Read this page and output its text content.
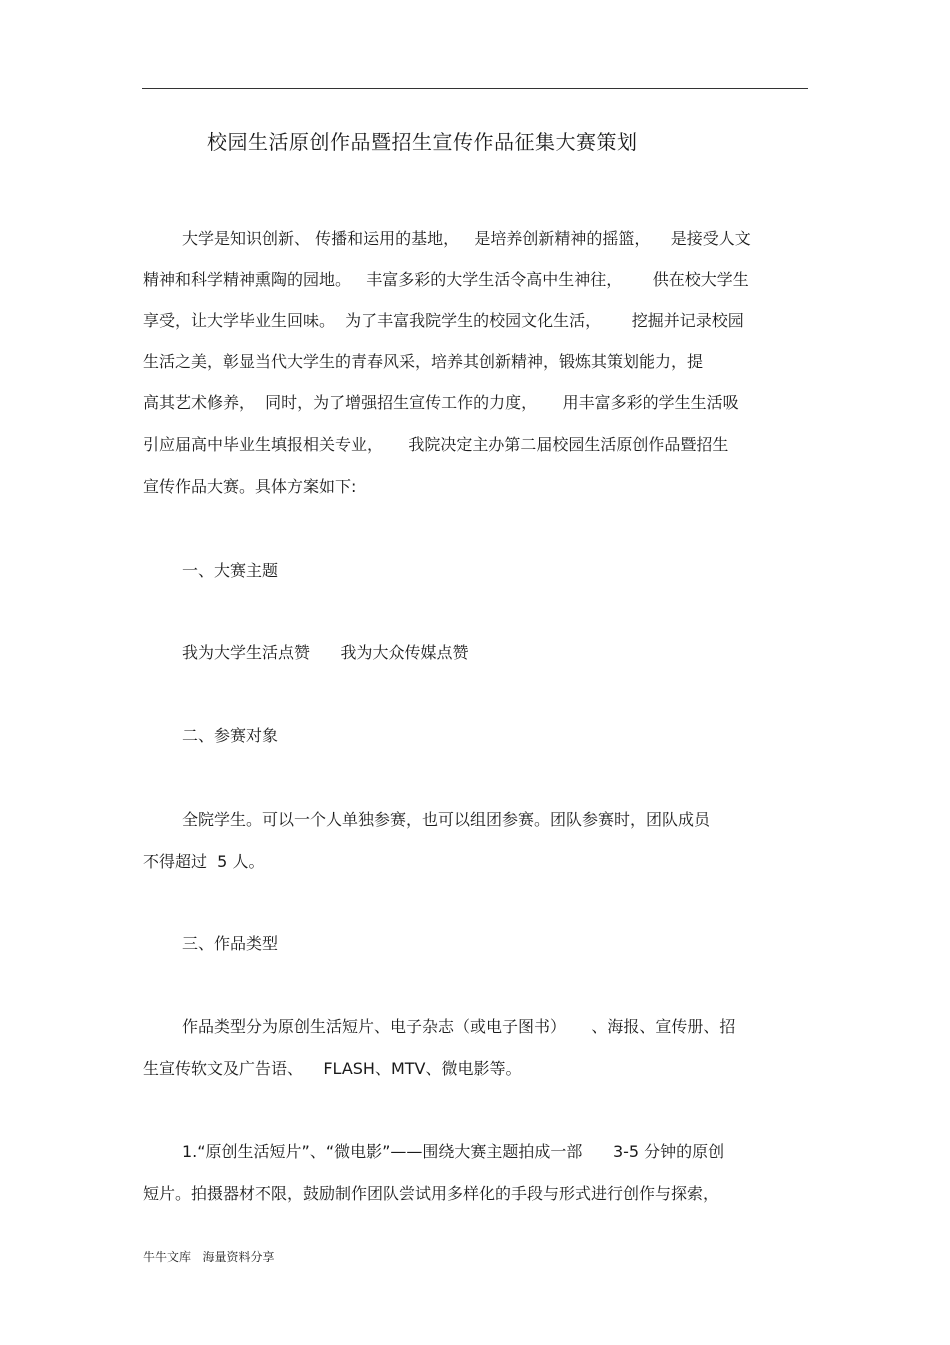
校园生活原创作品暨招生宣传作品征集大赛策划
大学是知识创新、 传播和运用的基地，   是培养创新精神的摇篮，    是接受人文
精神和科学精神熏陶的园地。   丰富多彩的大学生活令高中生神往，      供在校大学生
享受，让大学毕业生回味。  为了丰富我院学生的校园文化生活，      挖掘并记录校园
生活之美，彰显当代大学生的青春风采，培养其创新精神，锻炼其策划能力，提
高其艺术修养，  同时，为了增强招生宣传工作的力度，     用丰富多彩的学生生活吸
引应届高中毕业生填报相关专业，     我院决定主办第二届校园生活原创作品暨招生
宣传作品大赛。具体方案如下:
一、大赛主题
我为大学生活点赞      我为大众传媒点赞
二、参赛对象
全院学生。可以一个人单独参赛，也可以组团参赛。团队参赛时，团队成员
不得超过  5 人。
三、作品类型
作品类型分为原创生活短片、电子杂志（或电子图书）     、海报、宣传册、招
生宣传软文及广告语、    FLASH、MTV、微电影等。
1.“原创生活短片”、“微电影”——围绕大赛主题拍成一部      3-5 分钟的原创
短片。拍摄器材不限，鼓励制作团队尝试用多样化的手段与形式进行创作与探索，
牛牛文库   海量资料分享
